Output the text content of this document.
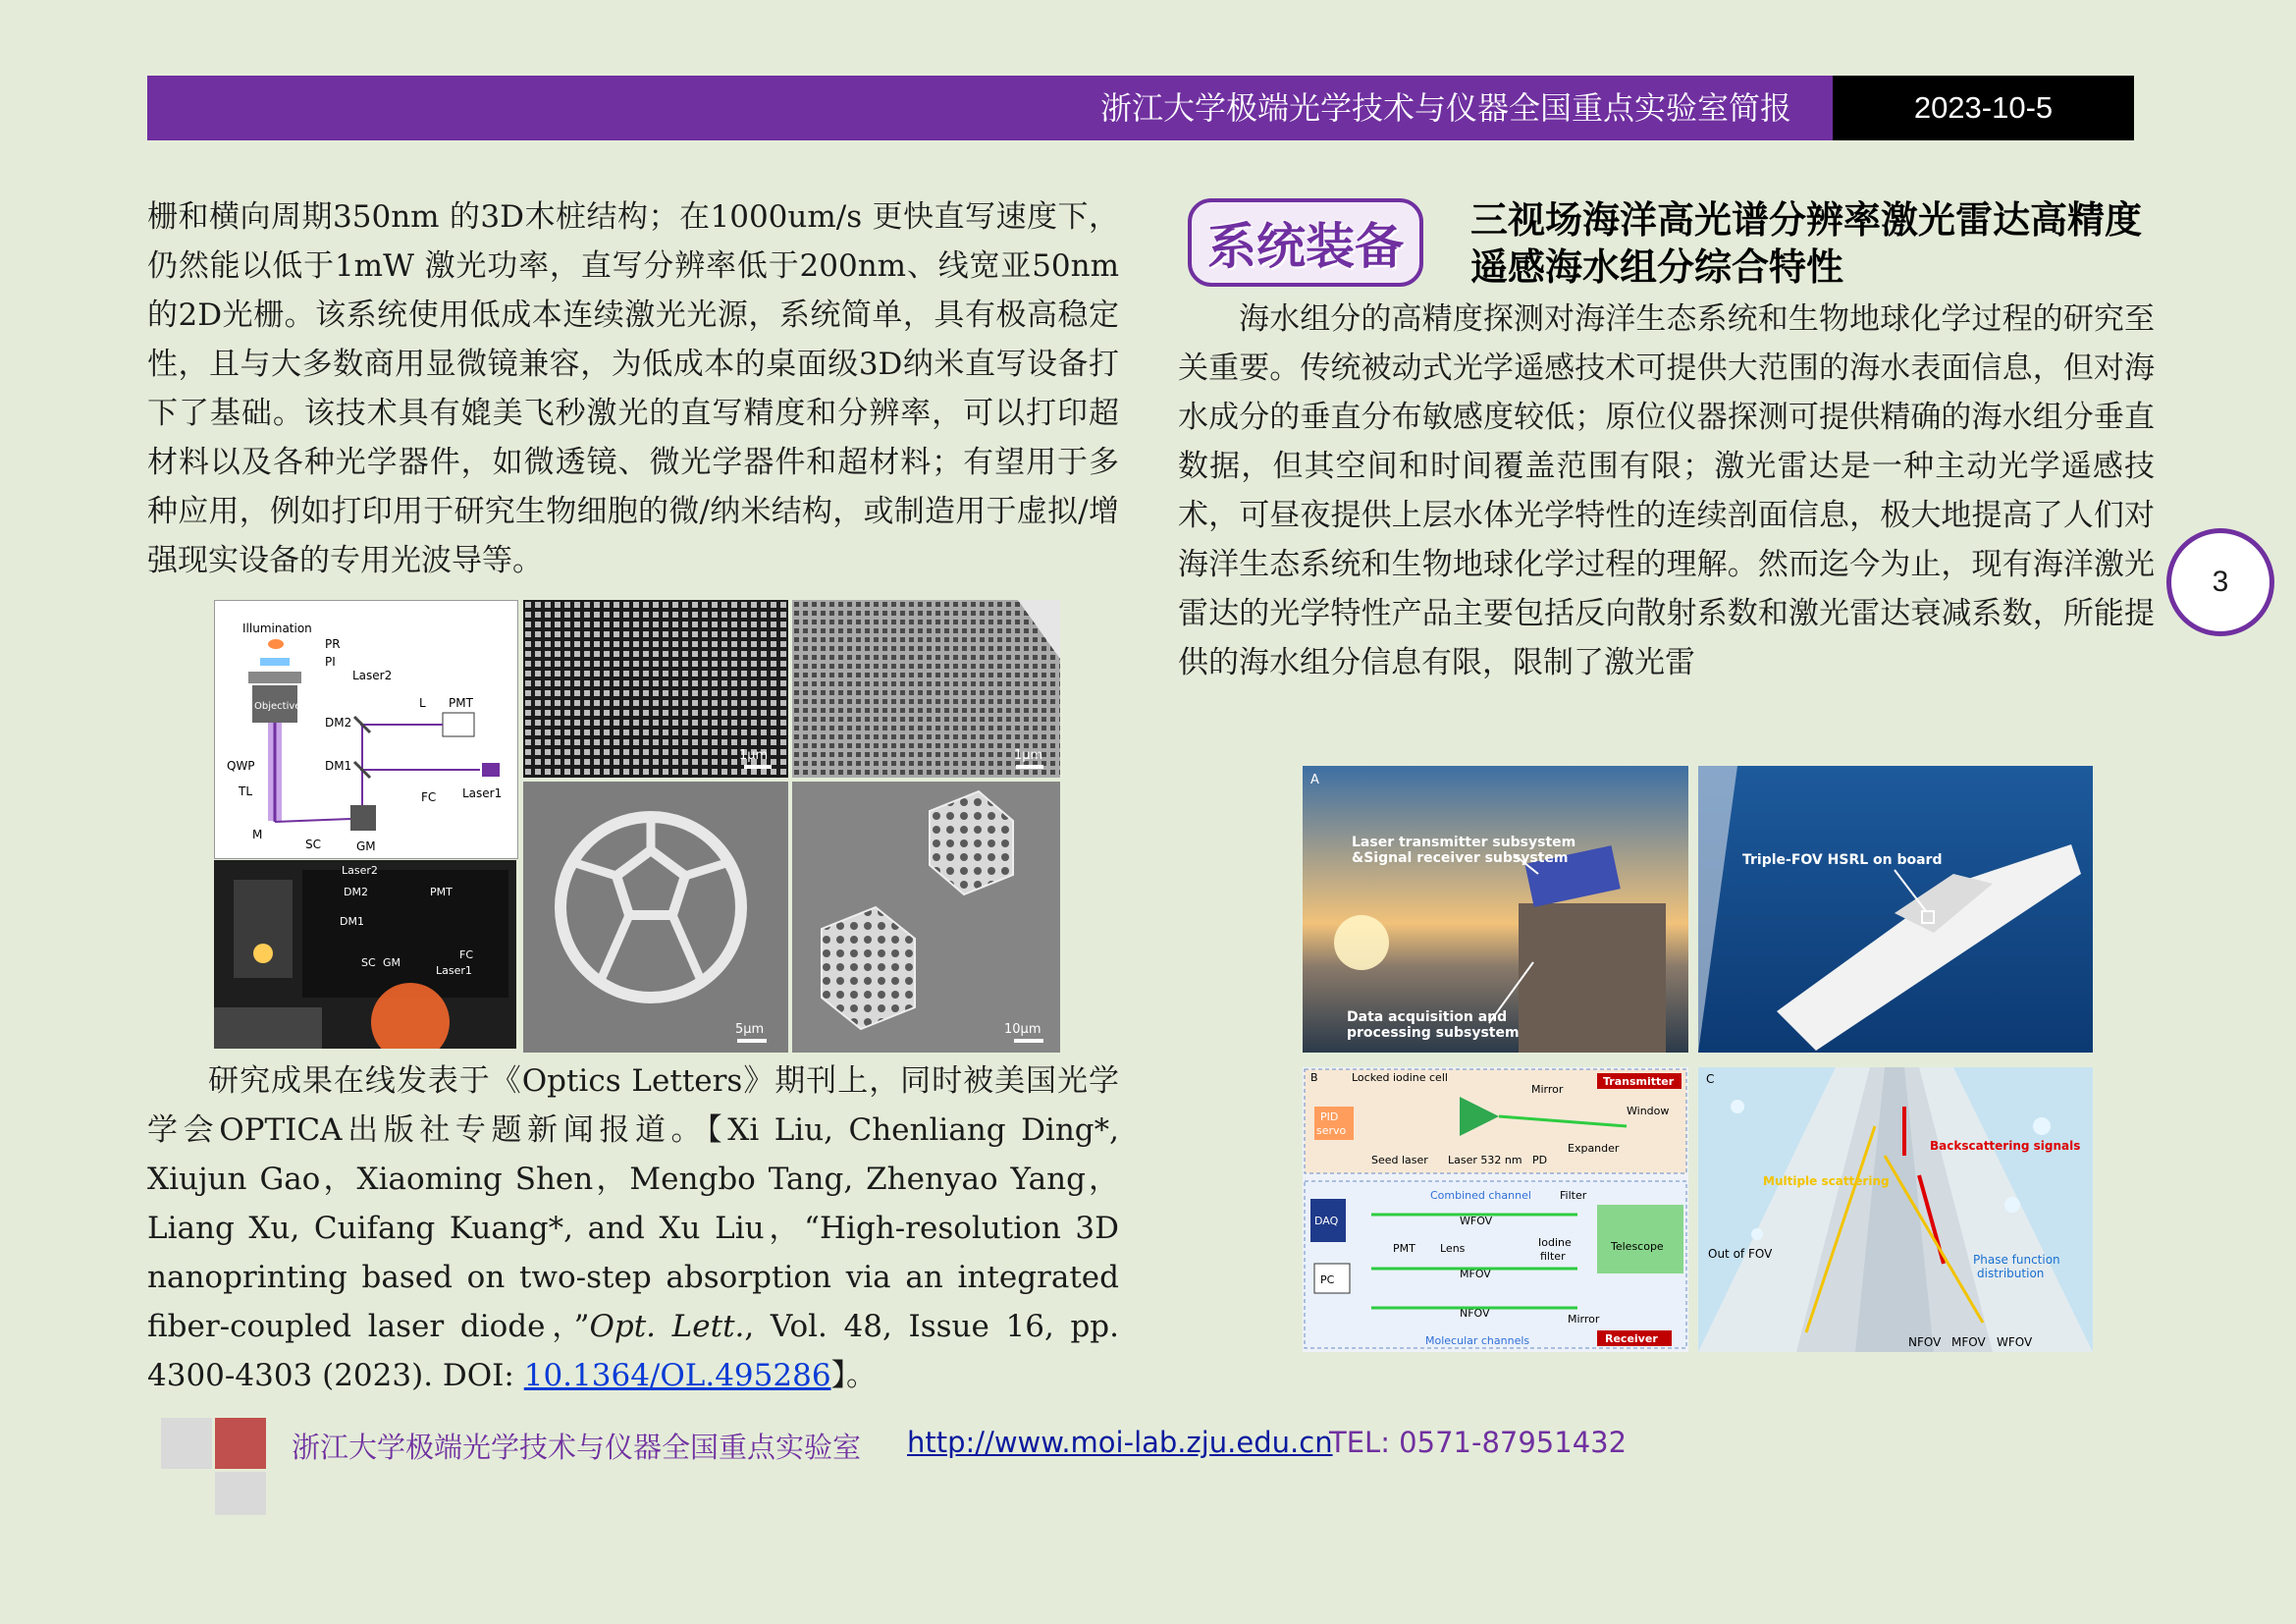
浙江大学极端光学技术与仪器全国重点实验室简报	2023-10-5

栅和横向周期350nm 的3D木桩结构；在1000um/s 更快直写速度下，仍然能以低于1mW 激光功率，直写分辨率低于200nm、线宽亚50nm的2D光栅。该系统使用低成本连续激光光源，系统简单，具有极高稳定性，且与大多数商用显微镜兼容，为低成本的桌面级3D纳米直写设备打下了基础。该技术具有媲美飞秒激光的直写精度和分辨率，可以打印超材料以及各种光学器件，如微透镜、微光学器件和超材料；有望用于多种应用，例如打印用于研究生物细胞的微/纳米结构，或制造用于虚拟/增强现实设备的专用光波导等。

Illumination
PR
PI
Objective
Laser2
L PMT
DM2
DM1
QWP
TL	FC Laser1
M
SC	GM
Laser2
DM2	PMT
DM1
SC GM
FC
Laser1
1μm	1μm
5μm	10μm

研究成果在线发表于《Optics Letters》期刊上，同时被美国光学学会OPTICA出版社专题新闻报道。【Xi Liu, Chenliang Ding*, Xiujun Gao，Xiaoming Shen，Mengbo Tang, Zhenyao Yang，Liang Xu, Cuifang Kuang*, and Xu Liu，“High-resolution 3D nanoprinting based on two-step absorption via an integrated fiber-coupled laser diode，”Opt. Lett., Vol. 48, Issue 16, pp. 4300-4303 (2023). DOI: 10.1364/OL.495286】。

系统装备	三视场海洋高光谱分辨率激光雷达高精度遥感海水组分综合特性

海水组分的高精度探测对海洋生态系统和生物地球化学过程的研究至关重要。传统被动式光学遥感技术可提供大范围的海水表面信息，但对海水成分的垂直分布敏感度较低；原位仪器探测可提供精确的海水组分垂直数据，但其空间和时间覆盖范围有限；激光雷达是一种主动光学遥感技术，可昼夜提供上层水体光学特性的连续剖面信息，极大地提高了人们对海洋生态系统和生物地球化学过程的理解。然而迄今为止，现有海洋激光雷达的光学特性产品主要包括反向散射系数和激光雷达衰减系数，所能提供的海水组分信息有限，限制了激光雷

3
A
Laser transmitter subsystem
&Signal receiver subsystem
Data acquisition and
processing subsystem
Triple-FOV HSRL on board
B	Locked iodine cell
Mirror
Transmitter
PID
servo
Window
Seed laser Laser 532 nm PD
Expander
Combined channel	Filter
DAQ	WFOV
PMT Lens	Iodine
filter
Telescope
PC	MFOV
NFOV	Mirror
Molecular channels	Receiver
C
Backscattering signals
Multiple scattering
Out of FOV	Phase function
distribution
NFOV MFOV WFOV
浙江大学极端光学技术与仪器全国重点实验室 http://www.moi-lab.zju.edu.cn
TEL: 0571-87951432
